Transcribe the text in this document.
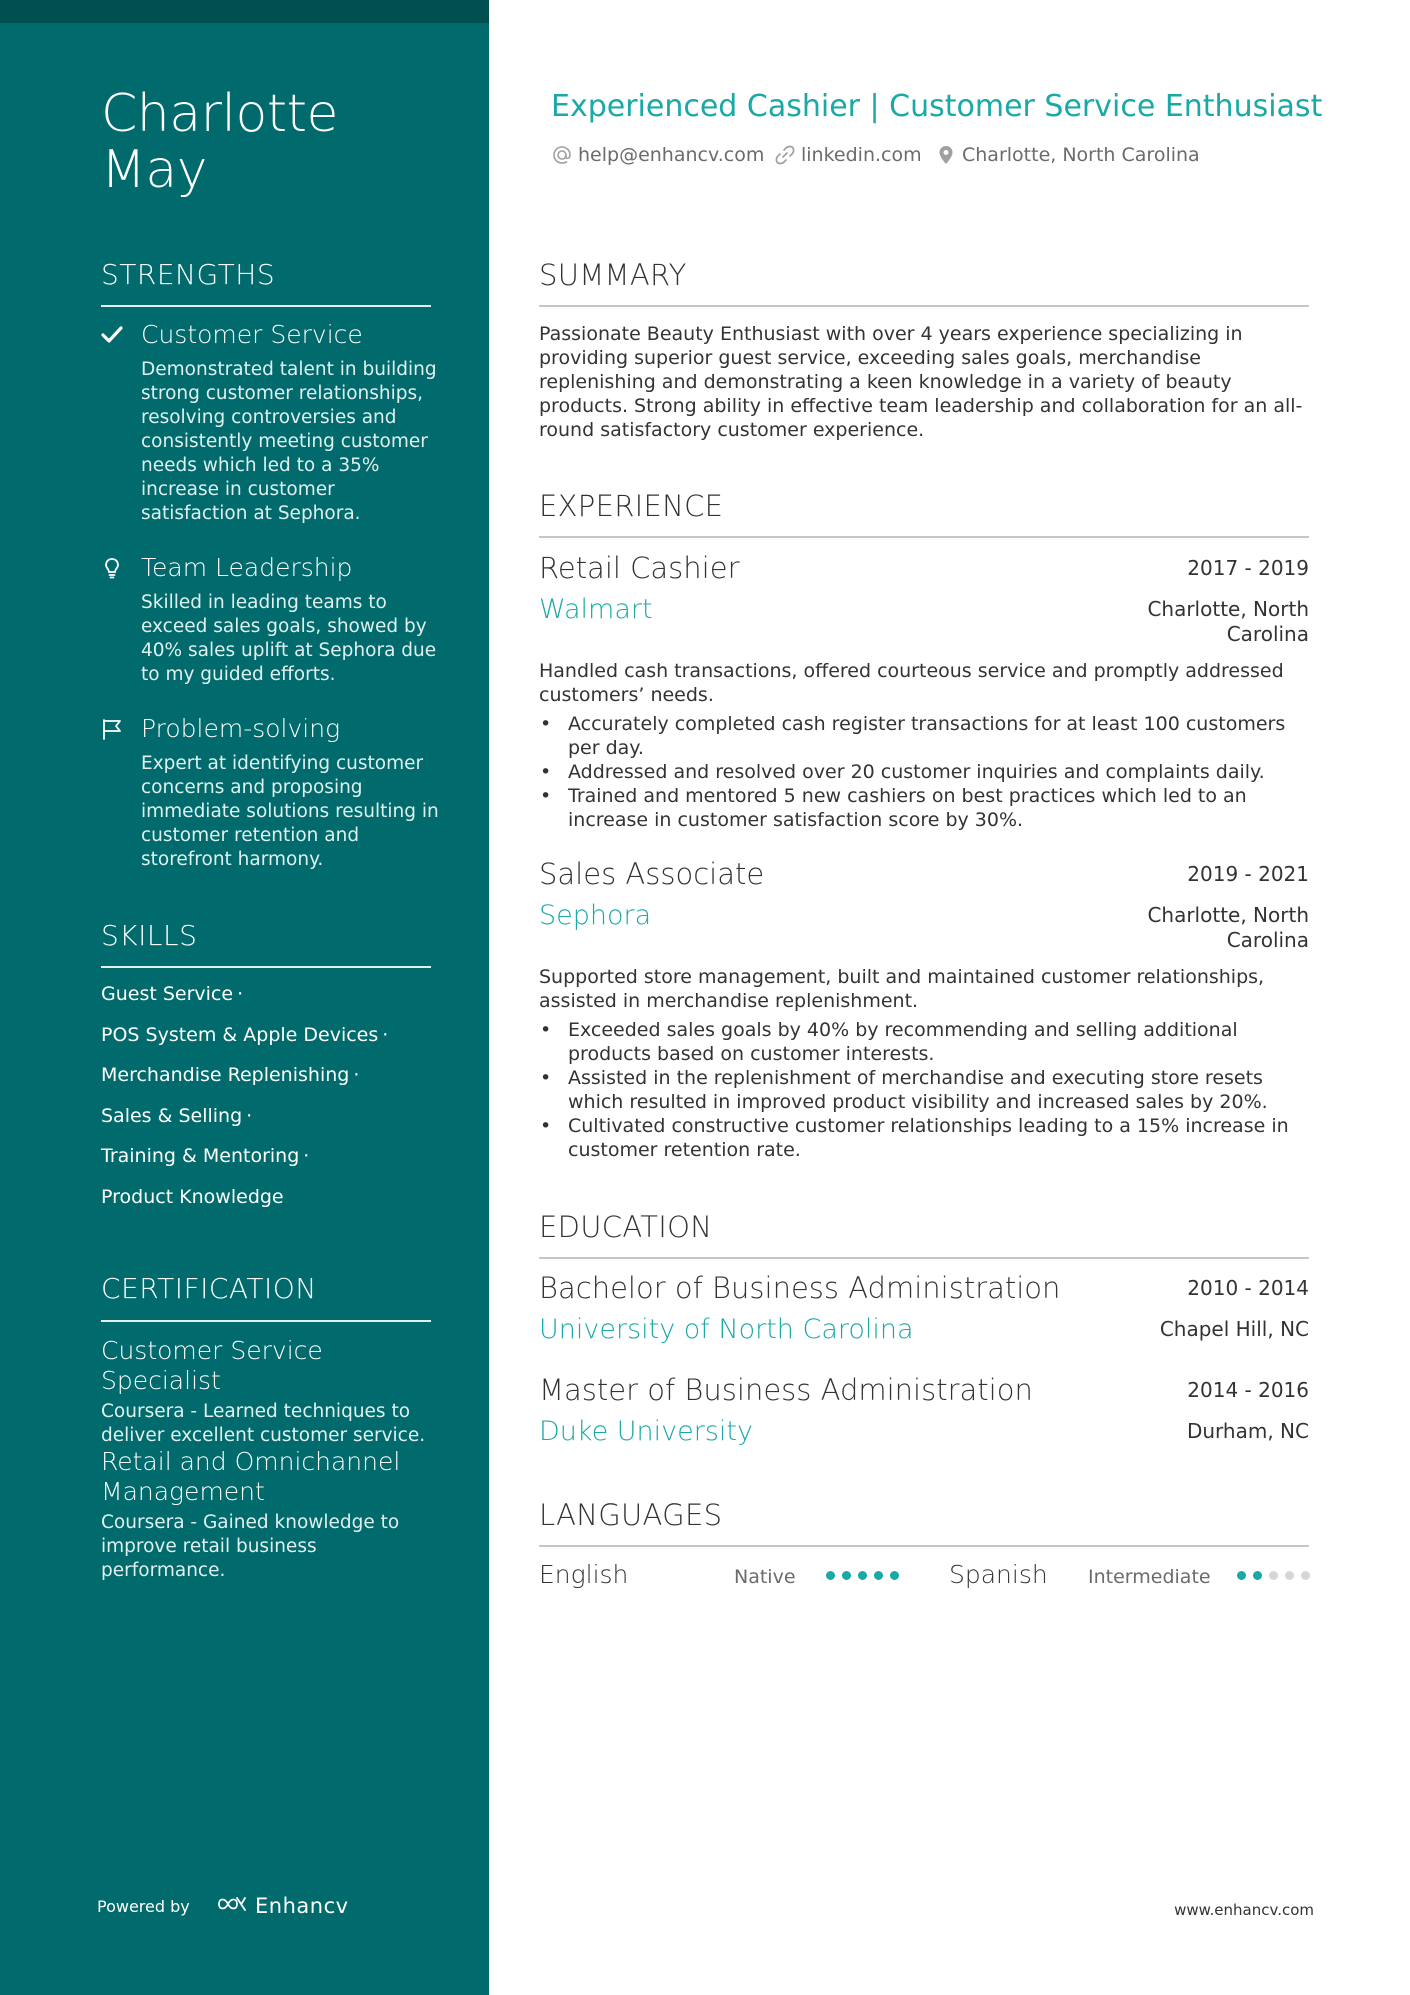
Charlotte
May
STRENGTHS
Customer Service
Demonstrated talent in building strong customer relationships, resolving controversies and consistently meeting customer needs which led to a 35% increase in customer satisfaction at Sephora.
Team Leadership
Skilled in leading teams to exceed sales goals, showed by 40% sales uplift at Sephora due to my guided efforts.
Problem-solving
Expert at identifying customer concerns and proposing immediate solutions resulting in customer retention and storefront harmony.
SKILLS
Guest Service ·
POS System & Apple Devices ·
Merchandise Replenishing ·
Sales & Selling ·
Training & Mentoring ·
Product Knowledge
CERTIFICATION
Customer Service Specialist
Coursera - Learned techniques to deliver excellent customer service.
Retail and Omnichannel Management
Coursera - Gained knowledge to improve retail business performance.
Powered by	Enhancv
Experienced Cashier | Customer Service Enthusiast
help@enhancv.com linkedin.com Charlotte, North Carolina
SUMMARY
Passionate Beauty Enthusiast with over 4 years experience specializing in providing superior guest service, exceeding sales goals, merchandise replenishing and demonstrating a keen knowledge in a variety of beauty products. Strong ability in effective team leadership and collaboration for an all-round satisfactory customer experience.
EXPERIENCE
Retail Cashier	2017 - 2019
Walmart	Charlotte, North Carolina
Handled cash transactions, offered courteous service and promptly addressed customers’ needs.
• Accurately completed cash register transactions for at least 100 customers per day.
• Addressed and resolved over 20 customer inquiries and complaints daily.
• Trained and mentored 5 new cashiers on best practices which led to an increase in customer satisfaction score by 30%.
Sales Associate	2019 - 2021
Sephora	Charlotte, North Carolina
Supported store management, built and maintained customer relationships, assisted in merchandise replenishment.
• Exceeded sales goals by 40% by recommending and selling additional products based on customer interests.
• Assisted in the replenishment of merchandise and executing store resets which resulted in improved product visibility and increased sales by 20%.
• Cultivated constructive customer relationships leading to a 15% increase in customer retention rate.
EDUCATION
Bachelor of Business Administration	2010 - 2014
University of North Carolina	Chapel Hill, NC
Master of Business Administration	2014 - 2016
Duke University	Durham, NC
LANGUAGES
English	Native	Spanish Intermediate
www.enhancv.com
